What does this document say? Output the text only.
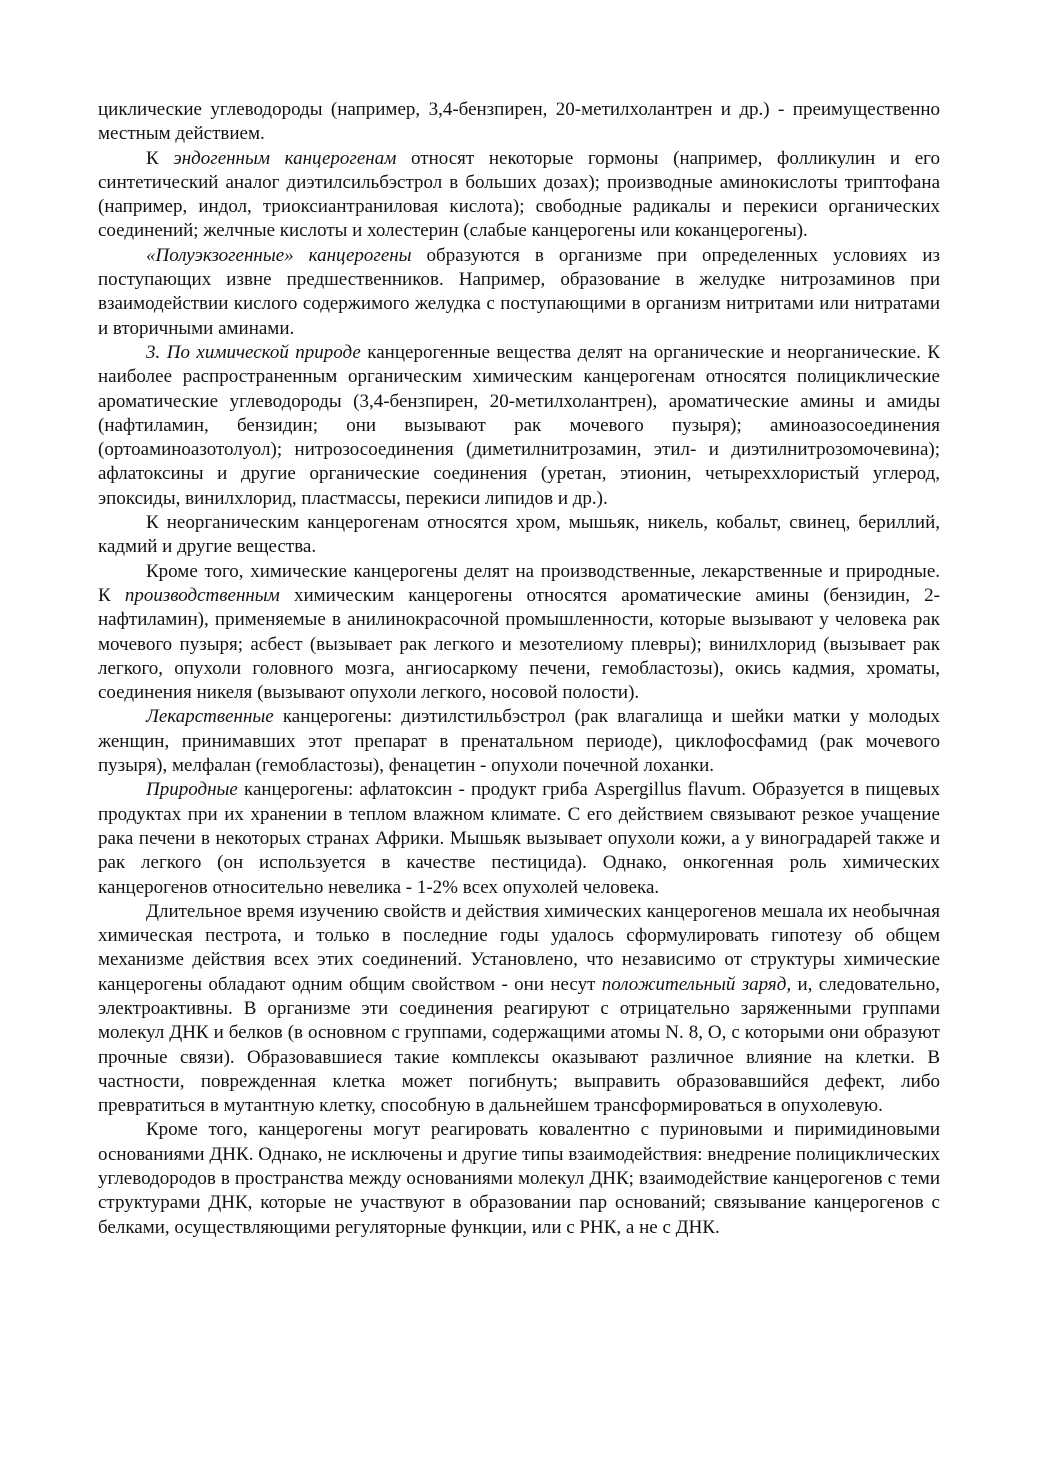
циклические углеводороды (например, 3,4-бензпирен, 20-метилхолантрен и др.) - преимущественно местным действием.

К эндогенным канцерогенам относят некоторые гормоны (например, фолликулин и его синтетический аналог диэтилсильбэстрол в больших дозах); производные аминокислоты триптофана (например, индол, триоксиантраниловая кислота); свободные радикалы и перекиси органических соединений; желчные кислоты и холестерин (слабые канцерогены или коканцерогены).

«Полуэкзогенные» канцерогены образуются в организме при определенных условиях из поступающих извне предшественников. Например, образование в желудке нитрозаминов при взаимодействии кислого содержимого желудка с поступающими в организм нитритами или нитратами и вторичными аминами.

3. По химической природе канцерогенные вещества делят на органические и неорганические. К наиболее распространенным органическим химическим канцерогенам относятся полициклические ароматические углеводороды (3,4-бензпирен, 20-метилхолантрен), ароматические амины и амиды (нафтиламин, бензидин; они вызывают рак мочевого пузыря); аминоазосоединения (ортоаминоазотолуол); нитрозосоединения (диметилнитрозамин, этил- и диэтилнитрозомочевина); афлатоксины и другие органические соединения (уретан, этионин, четыреххлористый углерод, эпоксиды, винилхлорид, пластмассы, перекиси липидов и др.).

К неорганическим канцерогенам относятся хром, мышьяк, никель, кобальт, свинец, бериллий, кадмий и другие вещества.

Кроме того, химические канцерогены делят на производственные, лекарственные и природные. К производственным химическим канцерогены относятся ароматические амины (бензидин, 2-нафтиламин), применяемые в анилинокрасочной промышленности, которые вызывают у человека рак мочевого пузыря; асбест (вызывает рак легкого и мезотелиому плевры); винилхлорид (вызывает рак легкого, опухоли головного мозга, ангиосаркому печени, гемобластозы), окись кадмия, хроматы, соединения никеля (вызывают опухоли легкого, носовой полости).

Лекарственные канцерогены: диэтилстильбэстрол (рак влагалища и шейки матки у молодых женщин, принимавших этот препарат в пренатальном периоде), циклофосфамид (рак мочевого пузыря), мелфалан (гемобластозы), фенацетин - опухоли почечной лоханки.

Природные канцерогены: афлатоксин - продукт гриба Aspergillus flavum. Образуется в пищевых продуктах при их хранении в теплом влажном климате. С его действием связывают резкое учащение рака печени в некоторых странах Африки. Мышьяк вызывает опухоли кожи, а у виноградарей также и рак легкого (он используется в качестве пестицида). Однако, онкогенная роль химических канцерогенов относительно невелика - 1-2% всех опухолей человека.

Длительное время изучению свойств и действия химических канцерогенов мешала их необычная химическая пестрота, и только в последние годы удалось сформулировать гипотезу об общем механизме действия всех этих соединений. Установлено, что независимо от структуры химические канцерогены обладают одним общим свойством - они несут положительный заряд, и, следовательно, электроактивны. В организме эти соединения реагируют с отрицательно заряженными группами молекул ДНК и белков (в основном с группами, содержащими атомы N. 8, О, с которыми они образуют прочные связи). Образовавшиеся такие комплексы оказывают различное влияние на клетки. В частности, поврежденная клетка может погибнуть; выправить образовавшийся дефект, либо превратиться в мутантную клетку, способную в дальнейшем трансформироваться в опухолевую.

Кроме того, канцерогены могут реагировать ковалентно с пуриновыми и пиримидиновыми основаниями ДНК. Однако, не исключены и другие типы взаимодействия: внедрение полициклических углеводородов в пространства между основаниями молекул ДНК; взаимодействие канцерогенов с теми структурами ДНК, которые не участвуют в образовании пар оснований; связывание канцерогенов с белками, осуществляющими регуляторные функции, или с РНК, а не с ДНК.
